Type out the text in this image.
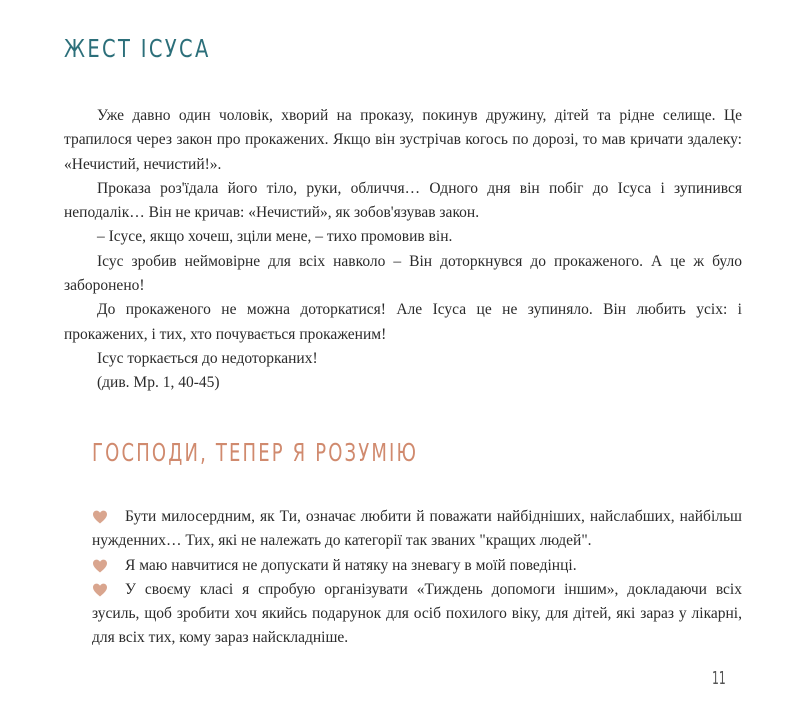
ЖЕСТ ІСУСА

Уже давно один чоловік, хворий на проказу, покинув дружину, дітей та рідне селище. Це трапилося через закон про прокажених. Якщо він зустрічав когось по дорозі, то мав кричати здалеку: «Нечистий, нечистий!».

Проказа роз'їдала його тіло, руки, обличчя… Одного дня він побіг до Ісуса і зупинився неподалік… Він не кричав: «Нечистий», як зобов'язував закон.

– Ісусе, якщо хочеш, зціли мене, – тихо промовив він.

Ісус зробив неймовірне для всіх навколо – Він доторкнувся до прокаженого. А це ж було заборонено!

До прокаженого не можна доторкатися! Але Ісуса це не зупиняло. Він любить усіх: і прокажених, і тих, хто почувається прокаженим!

Ісус торкається до недоторканих!

(див. Мр. 1, 40-45)

ГОСПОДИ, ТЕПЕР Я РОЗУМІЮ
Бути милосердним, як Ти, означає любити й поважати найбідніших, найслабших, найбільш нужденних… Тих, які не належать до категорії так званих "кращих людей".
Я маю навчитися не допускати й натяку на зневагу в моїй поведінці.
У своєму класі я спробую організувати «Тиждень допомоги іншим», докладаючи всіх зусиль, щоб зробити хоч якийсь подарунок для осіб похилого віку, для дітей, які зараз у лікарні, для всіх тих, кому зараз найскладніше.
11
